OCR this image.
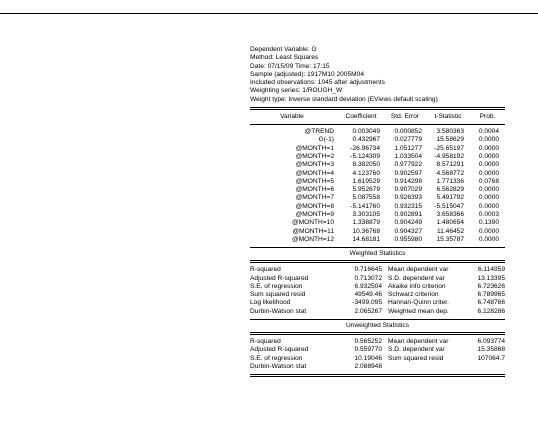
Dependent Variable: G
Method: Least Squares
Date: 07/15/09 Time: 17:15
Sample (adjusted): 1917M10 2005M04
Included observations: 1045 after adjustments
Weighting series: 1/ROUGH_W
Weight type: Inverse standard deviation (EViews default scaling)
Variable	Coefficient	Std. Error	t-Statistic	Prob.
@TREND	0.003049	0.000852	3.580363	0.0004
G(-1)	0.432967	0.027779	15.58629	0.0000
@MONTH=1	-26.96734	1.051277	-25.65197	0.0000
@MONTH=2	-5.124309	1.033504	-4.958192	0.0000
@MONTH=3	8.382050	0.977922	8.571291	0.0000
@MONTH=4	4.123760	0.902597	4.568772	0.0000
@MONTH=5	1.619529	0.914298	1.771336	0.0768
@MONTH=6	5.952679	0.907029	6.562829	0.0000
@MONTH=7	5.087558	0.926393	5.491792	0.0000
@MONTH=8	-5.141760	0.932315	-5.515047	0.0000
@MONTH=9	3.303105	0.902891	3.658366	0.0003
@MONTH=10	1.338879	0.904249	1.480654	0.1390
@MONTH=11	10.36768	0.904327	11.46452	0.0000
@MONTH=12	14.68181	0.955980	15.35787	0.0000
Weighted Statistics
R-squared	0.716645 Mean dependent var	6.114959
Adjusted R-squared	0.713072 S.D. dependent var	13.13395
S.E. of regression	6.932504 Akaike info criterion	6.723626
Sum squared resid	49549.46 Schwarz criterion	6.789965
Log likelihood	-3499.095 Hannan-Quinn criter.	6.748786
Durbin-Watson stat	2.065267 Weighted mean dep.	6.128286
Unweighted Statistics
R-squared	0.565252 Mean dependent var	6.093774
Adjusted R-squared	0.559770 S.D. dependent var	15.35868
S.E. of regression	10.19046 Sum squared resid	107064.7
Durbin-Watson stat	2.088948
